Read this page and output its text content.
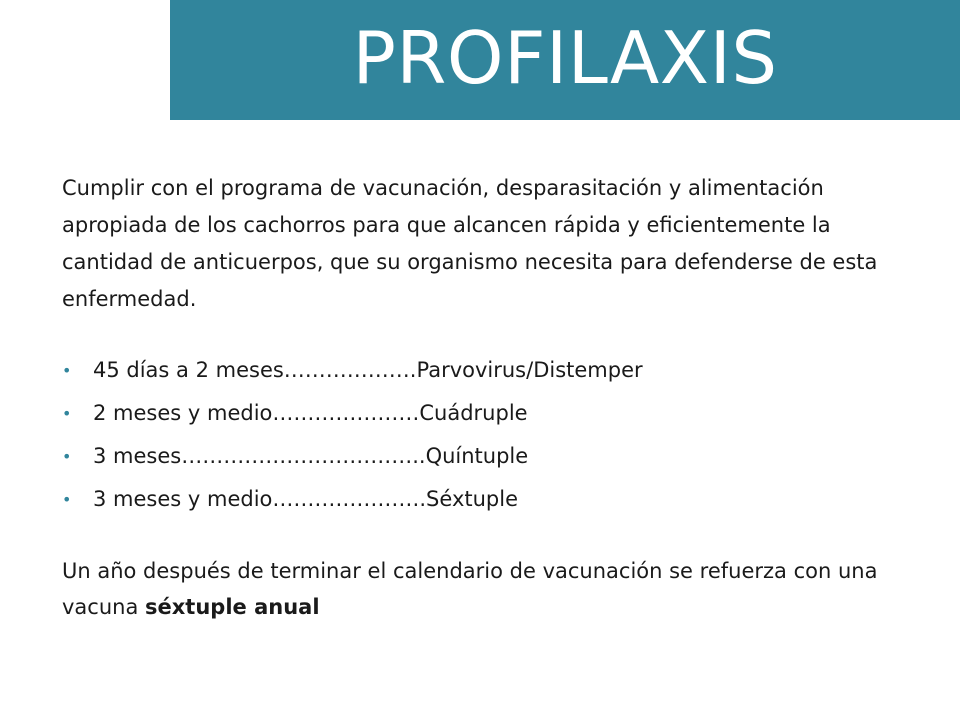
PROFILAXIS

Cumplir con el programa de vacunación, desparasitación y alimentación apropiada de los cachorros para que alcancen rápida y eficientemente la cantidad de anticuerpos, que su organismo necesita para defenderse de esta enfermedad.

• 45 días a 2 meses……………….Parvovirus/Distemper
• 2 meses y medio…………………Cuádruple
• 3 meses……………………………..Quíntuple
• 3 meses y medio………………….Séxtuple

Un año después de terminar el calendario de vacunación se refuerza con una vacuna séxtuple anual
